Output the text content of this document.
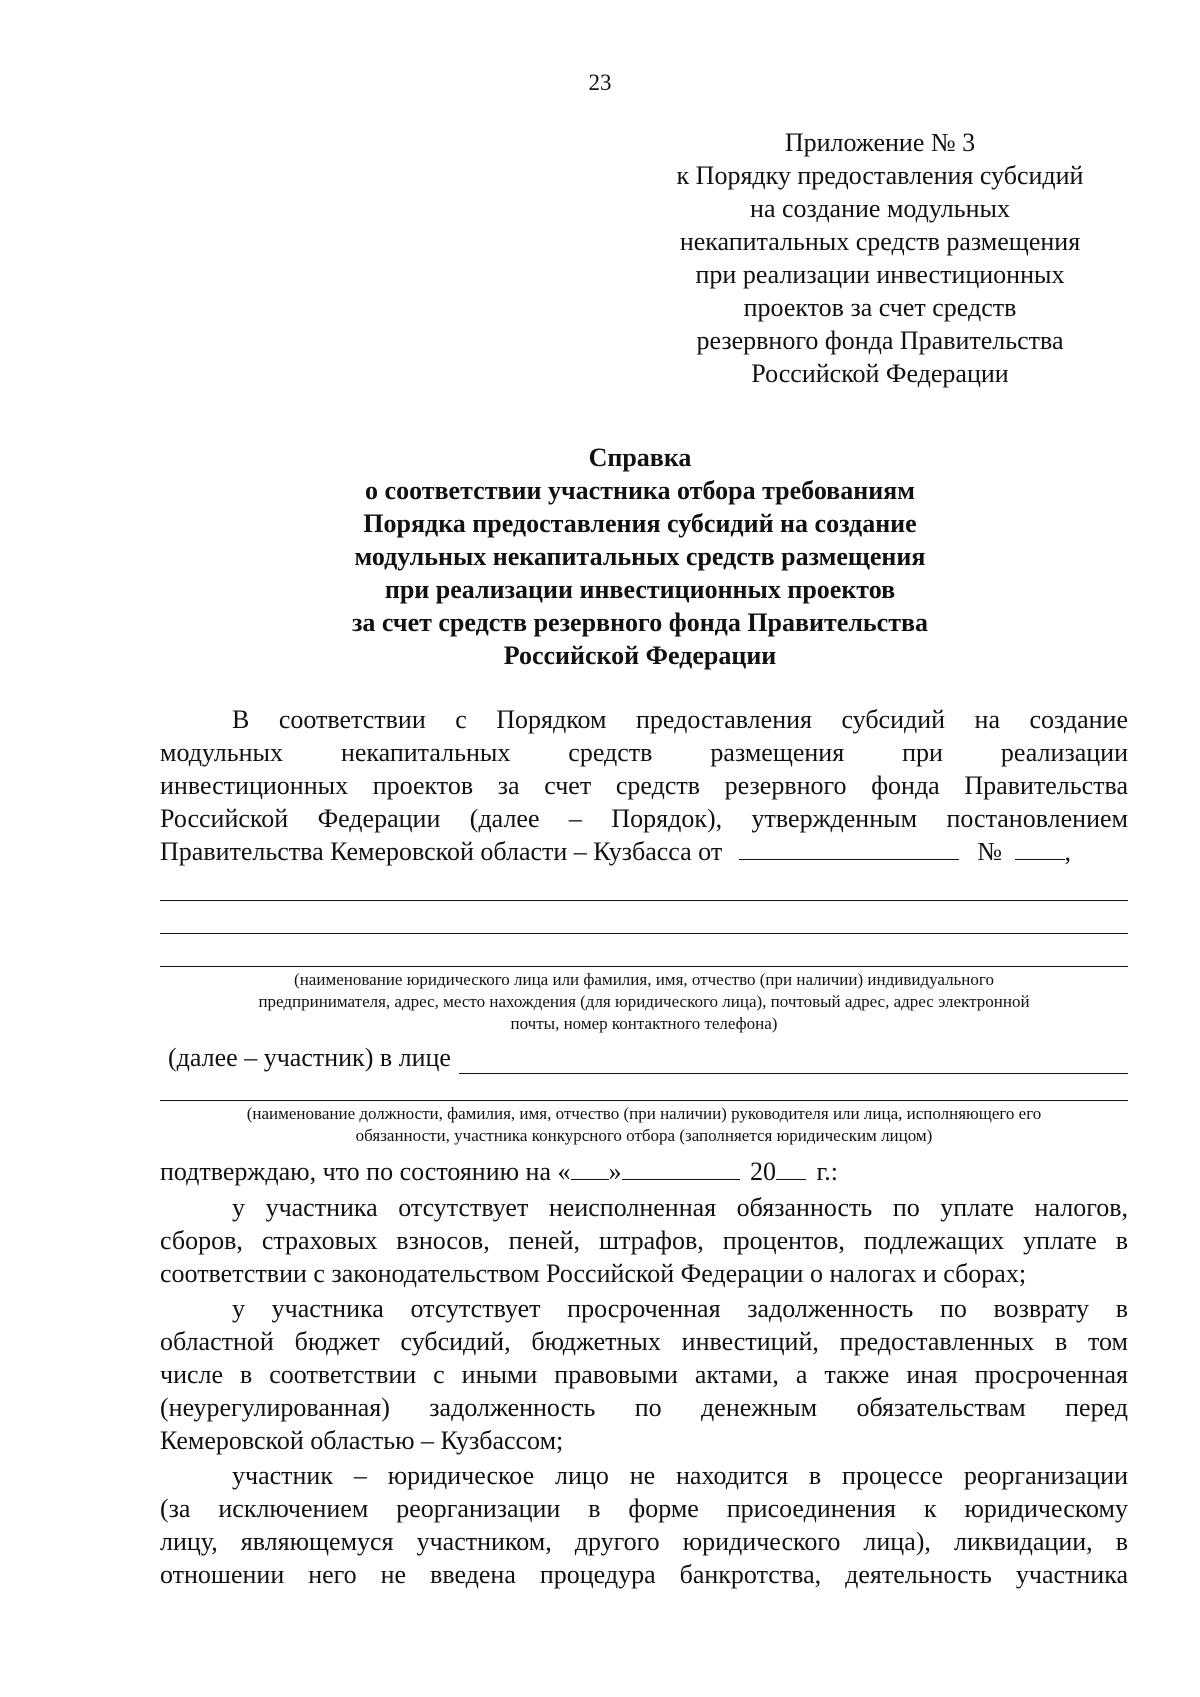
23
Приложение № 3
к Порядку предоставления субсидий
на создание модульных
некапитальных средств размещения
при реализации инвестиционных
проектов за счет средств
резервного фонда Правительства
Российской Федерации
Справка
о соответствии участника отбора требованиям
Порядка предоставления субсидий на создание
модульных некапитальных средств размещения
при реализации инвестиционных проектов
за счет средств резервного фонда Правительства
Российской Федерации
В соответствии с Порядком предоставления субсидий на создание
модульных некапитальных средств размещения при реализации
инвестиционных проектов за счет средств резервного фонда Правительства
Российской Федерации (далее – Порядок), утвержденным постановлением
Правительства Кемеровской области – Кузбасса от	№ ,
(наименование юридического лица или фамилия, имя, отчество (при наличии) индивидуального
предпринимателя, адрес, место нахождения (для юридического лица), почтовый адрес, адрес электронной
почты, номер контактного телефона)
(далее – участник) в лице
(наименование должности, фамилия, имя, отчество (при наличии) руководителя или лица, исполняющего его
обязанности, участника конкурсного отбора (заполняется юридическим лицом)
подтверждаю, что по состоянию на « »	20 г.:
у участника отсутствует неисполненная обязанность по уплате налогов,
сборов, страховых взносов, пеней, штрафов, процентов, подлежащих уплате в
соответствии с законодательством Российской Федерации о налогах и сборах;
у участника отсутствует просроченная задолженность по возврату в
областной бюджет субсидий, бюджетных инвестиций, предоставленных в том
числе в соответствии с иными правовыми актами, а также иная просроченная
(неурегулированная) задолженность по денежным обязательствам перед
Кемеровской областью – Кузбассом;
участник – юридическое лицо не находится в процессе реорганизации
(за исключением реорганизации в форме присоединения к юридическому
лицу, являющемуся участником, другого юридического лица), ликвидации, в
отношении него не введена процедура банкротства, деятельность участника
